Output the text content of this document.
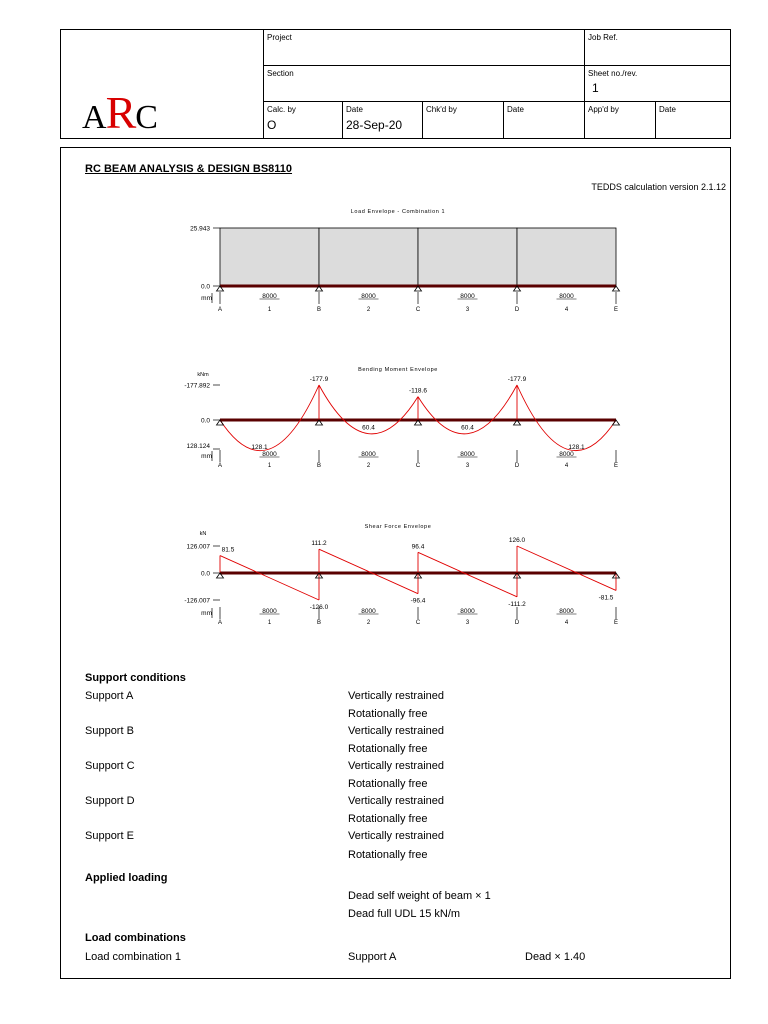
ARC
Project	Job Ref.
Section	Sheet no./rev.
1
Calc. by
O
Date
28-Sep-20
Chk'd by	Date	App'd by	Date
RC BEAM ANALYSIS & DESIGN BS8110
TEDDS calculation version 2.1.12
Load Envelope - Combination 1
25.943
0.0
mm
A	B	C	D	E
8000
1
8000
2
8000
3
8000
4
Bending Moment Envelope
kNm
-177.892
0.0
128.124	128.1
60.4	60.4
128.1
-177.9
-118.6
-177.9
mm
A	B	C	D	E
8000
1
8000
2
8000
3
8000
4
Shear Force Envelope
kN
126.007
0.0
-126.007
81.5
-126.0
111.2
-96.4
96.4
-111.2
126.0
-81.5
mm
A	B	C	D	E
8000
1
8000
2
8000
3
8000
4
Support conditions
Support A	Vertically restrained
Rotationally free
Support B	Vertically restrained
Rotationally free
Support C	Vertically restrained
Rotationally free
Support D	Vertically restrained
Rotationally free
Support E	Vertically restrained
Rotationally free
Applied loading
Dead self weight of beam × 1
Dead full UDL 15 kN/m
Load combinations
Load combination 1	Support A	Dead × 1.40
